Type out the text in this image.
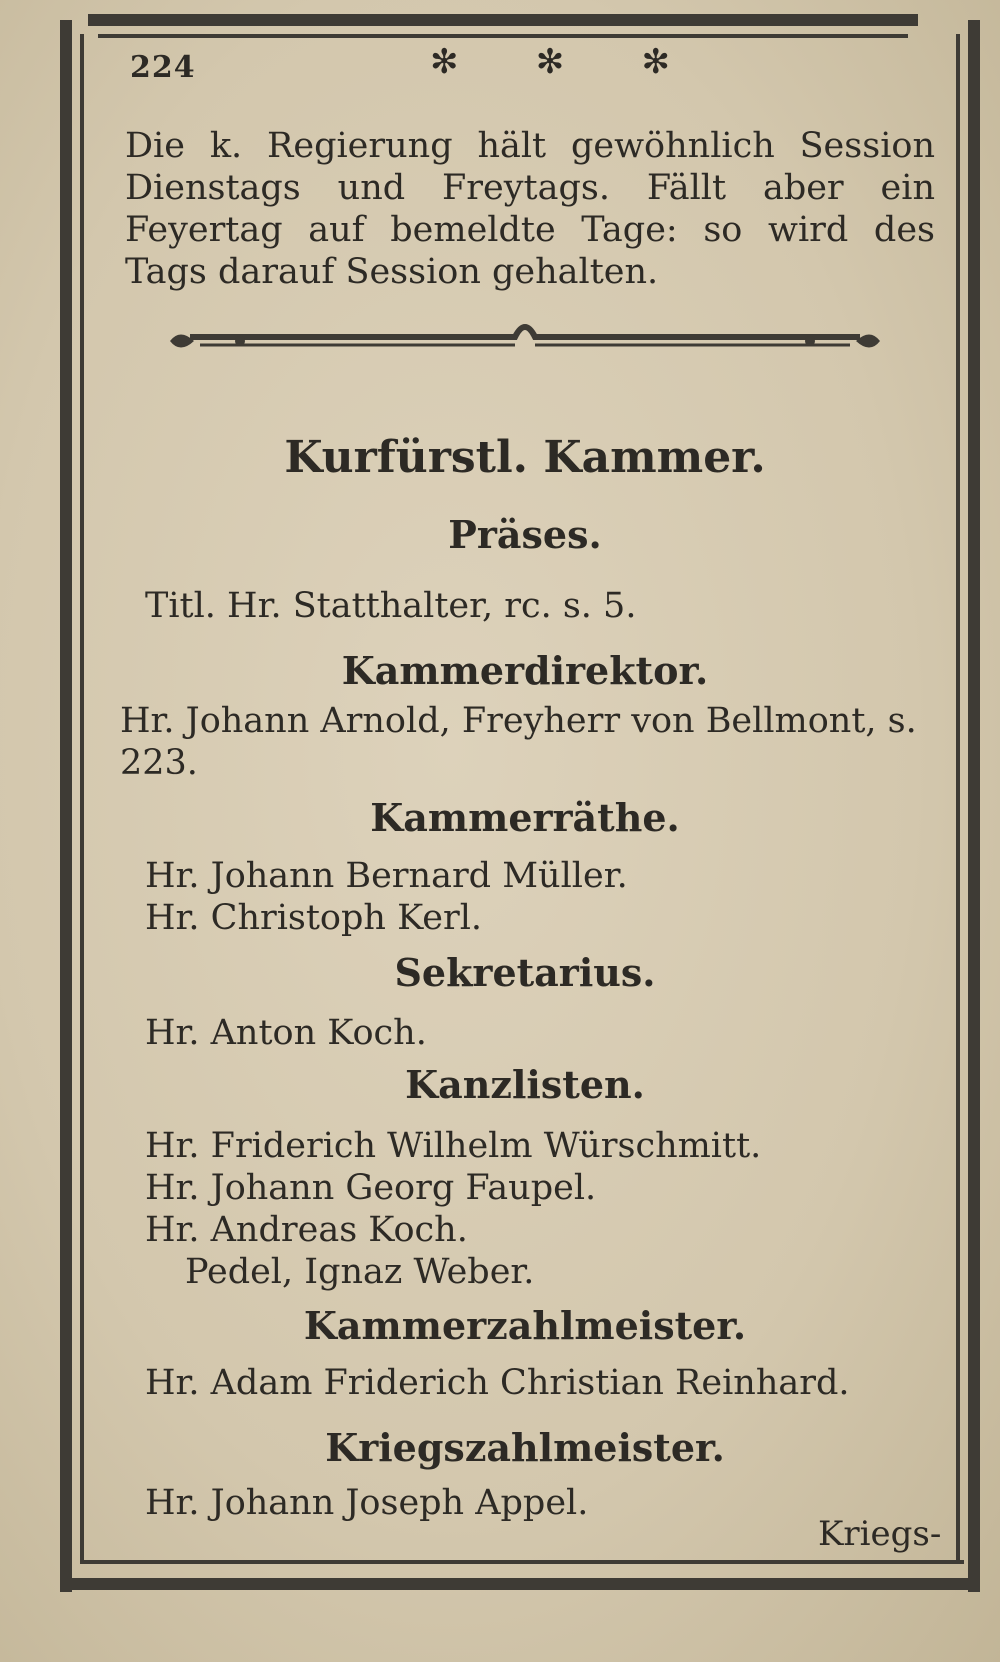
224	✻ ✻ ✻
Die k. Regierung hält gewöhnlich Session Dienstags und Freytags. Fällt aber ein Feyertag auf bemeldte Tage: so wird des Tags darauf Session gehalten.
Kurfürstl. Kammer.
Präses.
Titl. Hr. Statthalter, rc. s. 5.
Kammerdirektor.
Hr. Johann Arnold, Freyherr von Bellmont, s. 223.
Kammerräthe.
Hr. Johann Bernard Müller.
Hr. Christoph Kerl.
Sekretarius.
Hr. Anton Koch.
Kanzlisten.
Hr. Friderich Wilhelm Würschmitt.
Hr. Johann Georg Faupel.
Hr. Andreas Koch.
Pedel, Ignaz Weber.
Kammerzahlmeister.
Hr. Adam Friderich Christian Reinhard.
Kriegszahlmeister.
Hr. Johann Joseph Appel.
Kriegs-
